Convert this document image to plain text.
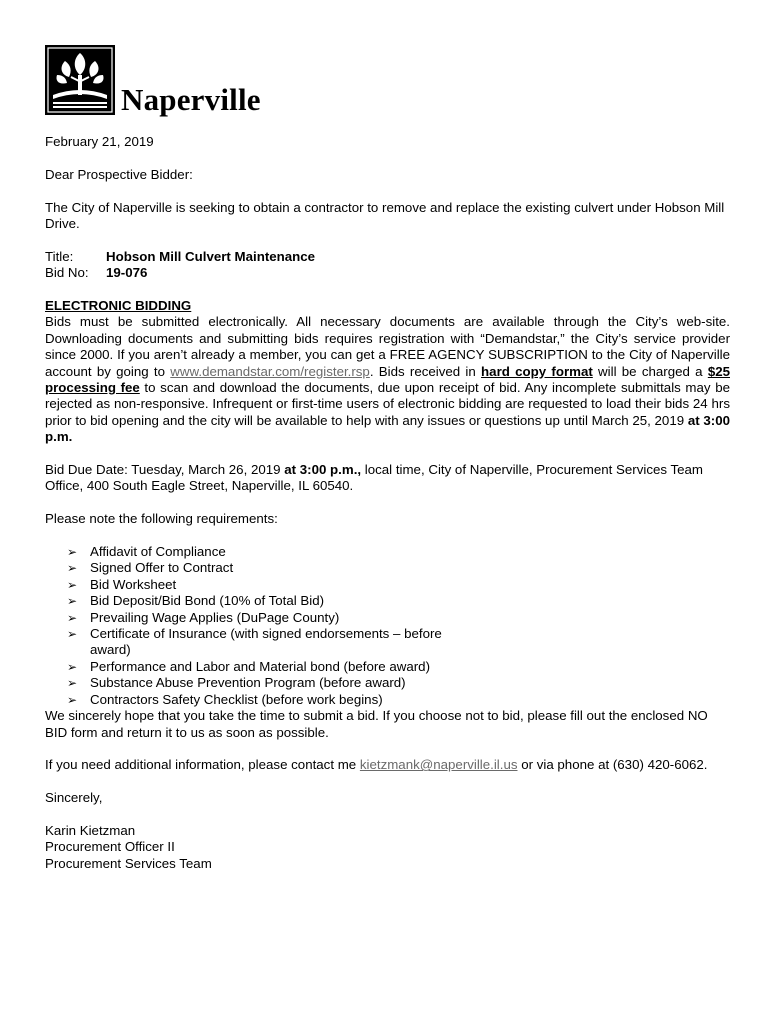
Naperville

February 21, 2019

Dear Prospective Bidder:

The City of Naperville is seeking to obtain a contractor to remove and replace the existing culvert under Hobson Mill Drive.

Title:	Hobson Mill Culvert Maintenance
Bid No:	19-076

ELECTRONIC BIDDING

Bids must be submitted electronically. All necessary documents are available through the City’s web-site. Downloading documents and submitting bids requires registration with “Demandstar,” the City’s service provider since 2000. If you aren’t already a member, you can get a FREE AGENCY SUBSCRIPTION to the City of Naperville account by going to www.demandstar.com/register.rsp. Bids received in hard copy format will be charged a $25 processing fee to scan and download the documents, due upon receipt of bid. Any incomplete submittals may be rejected as non-responsive. Infrequent or first-time users of electronic bidding are requested to load their bids 24 hrs prior to bid opening and the city will be available to help with any issues or questions up until March 25, 2019 at 3:00 p.m.

Bid Due Date: Tuesday, March 26, 2019 at 3:00 p.m., local time, City of Naperville, Procurement Services Team Office, 400 South Eagle Street, Naperville, IL 60540.

Please note the following requirements:

➢ Affidavit of Compliance
➢ Signed Offer to Contract
➢ Bid Worksheet
➢ Bid Deposit/Bid Bond (10% of Total Bid)
➢ Prevailing Wage Applies (DuPage County)
➢ Certificate of Insurance (with signed endorsements – before award)
➢ Performance and Labor and Material bond (before award)
➢ Substance Abuse Prevention Program (before award)
➢ Contractors Safety Checklist (before work begins)

We sincerely hope that you take the time to submit a bid. If you choose not to bid, please fill out the enclosed NO BID form and return it to us as soon as possible.

If you need additional information, please contact me kietzmank@naperville.il.us or via phone at (630) 420-6062.

Sincerely,

Karin Kietzman

Procurement Officer II

Procurement Services Team
